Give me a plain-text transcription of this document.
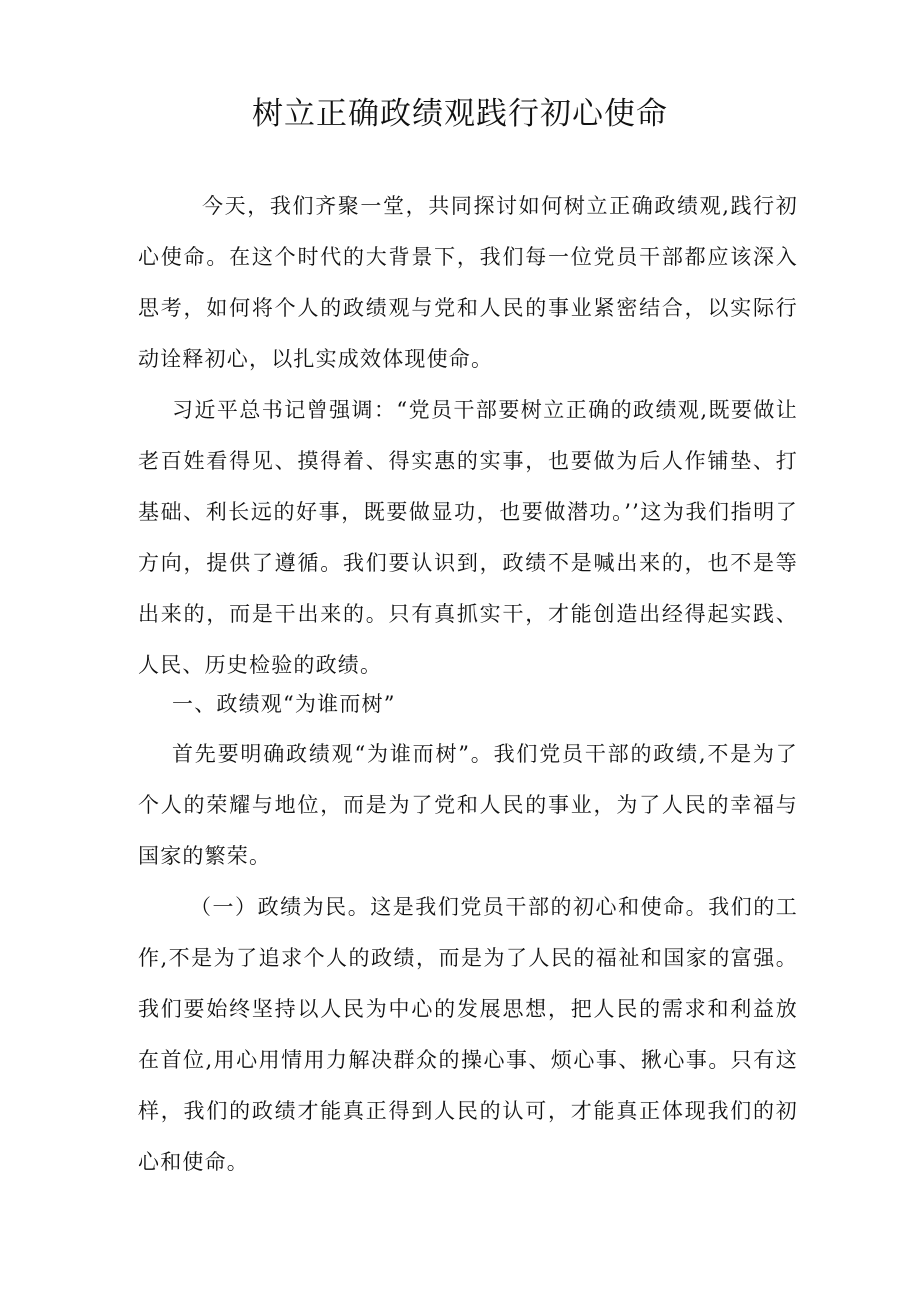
树立正确政绩观践行初心使命

今天，我们齐聚一堂，共同探讨如何树立正确政绩观,践行初心使命。在这个时代的大背景下，我们每一位党员干部都应该深入思考，如何将个人的政绩观与党和人民的事业紧密结合，以实际行动诠释初心，以扎实成效体现使命。

习近平总书记曾强调：“党员干部要树立正确的政绩观,既要做让老百姓看得见、摸得着、得实惠的实事，也要做为后人作铺垫、打基础、利长远的好事，既要做显功，也要做潜功。’’这为我们指明了方向，提供了遵循。我们要认识到，政绩不是喊出来的，也不是等出来的，而是干出来的。只有真抓实干，才能创造出经得起实践、人民、历史检验的政绩。

一、政绩观“为谁而树”

首先要明确政绩观“为谁而树”。我们党员干部的政绩,不是为了个人的荣耀与地位，而是为了党和人民的事业，为了人民的幸福与国家的繁荣。

（一）政绩为民。这是我们党员干部的初心和使命。我们的工作,不是为了追求个人的政绩，而是为了人民的福祉和国家的富强。我们要始终坚持以人民为中心的发展思想，把人民的需求和利益放在首位,用心用情用力解决群众的操心事、烦心事、揪心事。只有这样，我们的政绩才能真正得到人民的认可，才能真正体现我们的初心和使命。
